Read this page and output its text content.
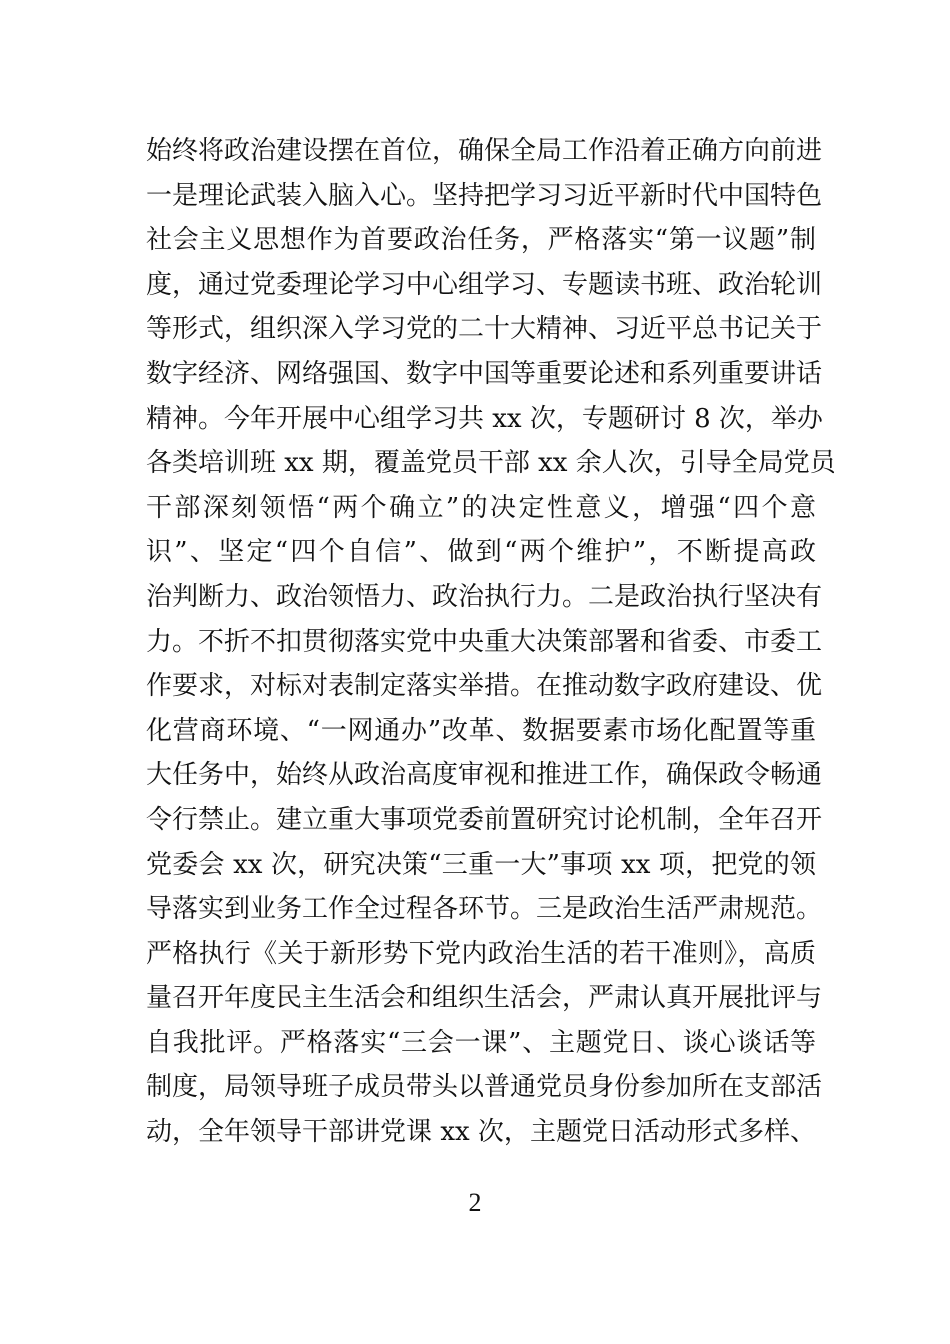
始终将政治建设摆在首位，确保全局工作沿着正确方向前进
一是理论武装入脑入心。坚持把学习习近平新时代中国特色
社会主义思想作为首要政治任务，严格落实“第一议题”制
度，通过党委理论学习中心组学习、专题读书班、政治轮训
等形式，组织深入学习党的二十大精神、习近平总书记关于
数字经济、网络强国、数字中国等重要论述和系列重要讲话
精神。今年开展中心组学习共 xx 次，专题研讨 8 次，举办
各类培训班 xx 期，覆盖党员干部 xx 余人次，引导全局党员
干部深刻领悟“两个确立”的决定性意义，增强“四个意
识”、坚定“四个自信”、做到“两个维护”，不断提高政
治判断力、政治领悟力、政治执行力。二是政治执行坚决有
力。不折不扣贯彻落实党中央重大决策部署和省委、市委工
作要求，对标对表制定落实举措。在推动数字政府建设、优
化营商环境、“一网通办”改革、数据要素市场化配置等重
大任务中，始终从政治高度审视和推进工作，确保政令畅通
令行禁止。建立重大事项党委前置研究讨论机制，全年召开
党委会 xx 次，研究决策“三重一大”事项 xx 项，把党的领
导落实到业务工作全过程各环节。三是政治生活严肃规范。
严格执行《关于新形势下党内政治生活的若干准则》，高质
量召开年度民主生活会和组织生活会，严肃认真开展批评与
自我批评。严格落实“三会一课”、主题党日、谈心谈话等
制度，局领导班子成员带头以普通党员身份参加所在支部活
动，全年领导干部讲党课 xx 次，主题党日活动形式多样、
2
